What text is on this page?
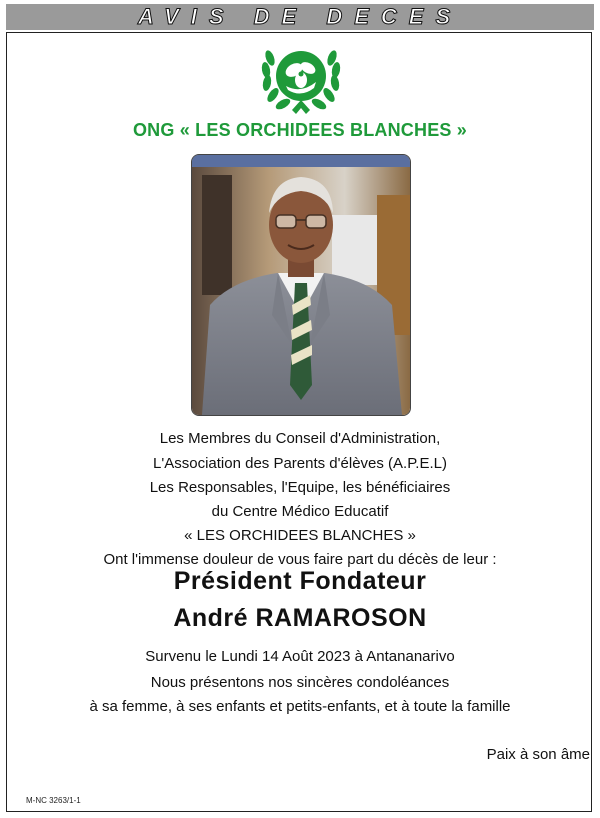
AVIS DE DECES
ONG « LES ORCHIDEES BLANCHES »
Les Membres du Conseil d'Administration,
L'Association des Parents d'élèves (A.P.E.L)
Les Responsables, l'Equipe, les bénéficiaires
du Centre Médico Educatif
« LES ORCHIDEES BLANCHES »
Ont l'immense douleur de vous faire part du décès de leur :
Président Fondateur
André RAMAROSON
Survenu le Lundi 14 Août 2023 à Antananarivo
Nous présentons nos sincères condoléances
à sa femme, à ses enfants et petits-enfants, et à toute la famille
Paix à son âme
M-NC 3263/1-1
